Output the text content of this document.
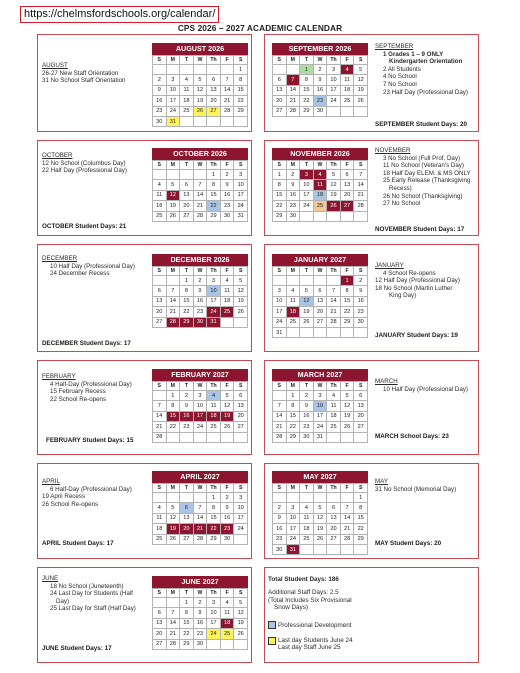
https://chelmsfordschools.org/calendar/
CPS 2026 – 2027 ACADEMIC CALENDAR
AUGUST 2026
S	M	T	W	Th	F	S
						1
2	3	4	5	6	7	8
9	10	11	12	13	14	15
16	17	18	19	20	21	22
23	24	25	26	27	28	29
30	31					
SEPTEMBER 2026
S	M	T	W	Th	F	S
		1	2	3	4	5
6	7	8	9	10	11	12
13	14	15	16	17	18	19
20	21	22	23	24	25	26
27	28	29	30			
OCTOBER 2026
S	M	T	W	Th	F	S
				1	2	3
4	5	6	7	8	9	10
11	12	13	14	15	16	17
18	19	20	21	22	23	24
25	26	27	28	29	30	31
NOVEMBER 2026
S	M	T	W	Th	F	S
1	2	3	4	5	6	7
8	9	10	11	12	13	14
15	16	17	18	19	20	21
22	23	24	25	26	27	28
29	30					
DECEMBER 2026
S	M	T	W	Th	F	S
		1	2	3	4	5
6	7	8	9	10	11	12
13	14	15	16	17	18	19
20	21	22	23	24	25	26
27	28	29	30	31		
JANUARY 2027
S	M	T	W	Th	F	S
					1	2
3	4	5	6	7	8	9
10	11	12	13	14	15	16
17	18	19	20	21	22	23
24	25	26	27	28	29	30
31						
FEBRUARY 2027
S	M	T	W	Th	F	S
	1	2	3	4	5	6
7	8	9	10	11	12	13
14	15	16	17	18	19	20
21	22	23	24	25	26	27
28						
MARCH 2027
S	M	T	W	Th	F	S
	1	2	3	4	5	6
7	8	9	10	11	12	13
14	15	16	17	18	19	20
21	22	23	24	25	26	27
28	29	30	31			
APRIL 2027
S	M	T	W	Th	F	S
				1	2	3
4	5	6	7	8	9	10
11	12	13	14	15	16	17
18	19	20	21	22	23	24
25	26	27	28	29	30	
MAY 2027
S	M	T	W	Th	F	S
						1
2	3	4	5	6	7	8
9	10	11	12	13	14	15
16	17	18	19	20	21	22
23	24	25	26	27	28	29
30	31					
JUNE 2027
S	M	T	W	Th	F	S
		1	2	3	4	5
6	7	8	9	10	11	12
13	14	15	16	17	18	19
20	21	22	23	24	25	26
27	28	29	30			
AUGUST
26-27 New Staff Orientation
31 No School Staff Orientation
SEPTEMBER
1 Grades 1 – 9 ONLY
Kindergarten Orientation
2 All Students
4 No School
7 No School
23 Half Day (Professional Day)
SEPTEMBER Student Days: 20
OCTOBER
12 No School (Columbus Day)
22 Half Day (Professional Day)
OCTOBER Student Days: 21
NOVEMBER
3 No School (Full Prof. Day)
11 No School (Veteran’s Day)
18 Half Day ELEM. & MS ONLY
25 Early Release (Thanksgiving
Recess)
26 No School (Thanksgiving)
27 No School
NOVEMBER Student Days: 17
DECEMBER
10 Half Day (Professional Day)
24 December Recess
DECEMBER Student Days: 17
JANUARY
4 School Re-opens
12 Half Day (Professional Day)
18 No School (Martin Luther
King Day)
JANUARY Student Days: 19
FEBRUARY
4 Half-Day (Professional Day)
15 February Recess
22 School Re-opens
FEBRUARY Student Days: 15
MARCH
10 Half Day (Professional Day)
MARCH School Days: 23
APRIL
6 Half-Day (Professional Day)
19 April Recess
26 School Re-opens
APRIL Student Days: 17
MAY
31 No School (Memorial Day)
MAY Student Days: 20
JUNE
18 No School (Juneteenth)
24 Last Day for Students (Half
Day)
25 Last Day for Staff (Half Day)
JUNE Student Days: 17
Total Student Days: 186
Additional Staff Days: 2.5
(Total Includes Six Provisional
Snow Days)
Professional Development
Last day Students June 24
Last day Staff June 25
